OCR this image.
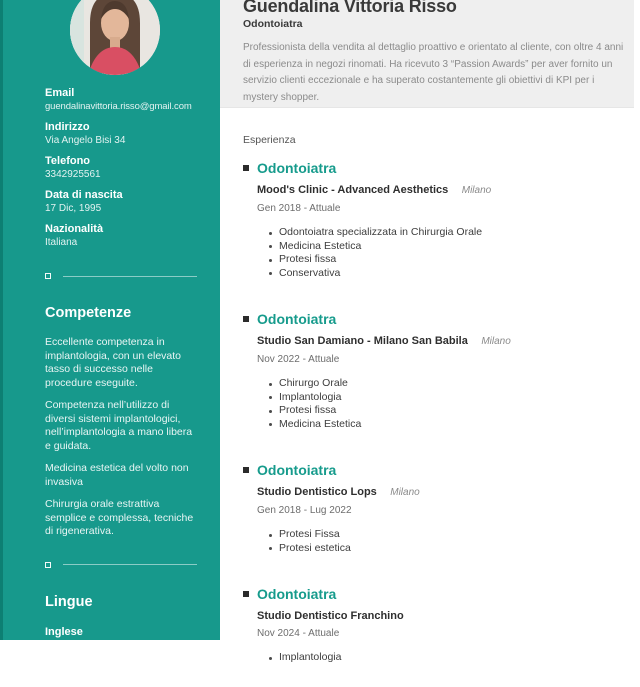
Email
guendalinavittoria.risso@gmail.com
Indirizzo
Via Angelo Bisi 34
Telefono
3342925561
Data di nascita
17 Dic, 1995
Nazionalità
Italiana
Competenze

Eccellente competenza in implantologia, con un elevato tasso di successo nelle procedure eseguite.

Competenza nell’utilizzo di diversi sistemi implantologici, nell’implantologia a mano libera e guidata.

Medicina estetica del volto non invasiva

Chirurgia orale estrattiva semplice e complessa, tecniche di rigenerativa.

Lingue
Inglese
Livello intermedio
Spagnolo
Livello base
Guendalina Vittoria Risso
Odontoiatra

Professionista della vendita al dettaglio proattivo e orientato al cliente, con oltre 4 anni di esperienza in negozi rinomati. Ha ricevuto 3 “Passion Awards” per aver fornito un servizio clienti eccezionale e ha superato costantemente gli obiettivi di KPI per i mystery shopper.

Esperienza
Odontoiatra
Mood's Clinic - Advanced Aesthetics Milano
Gen 2018 - Attuale
Odontoiatra specializzata in Chirurgia Orale
Medicina Estetica
Protesi fissa
Conservativa
Odontoiatra
Studio San Damiano - Milano San Babila Milano
Nov 2022 - Attuale
Chirurgo Orale
Implantologia
Protesi fissa
Medicina Estetica
Odontoiatra
Studio Dentistico Lops Milano
Gen 2018 - Lug 2022
Protesi Fissa
Protesi estetica
Odontoiatra
Studio Dentistico Franchino
Nov 2024 - Attuale
Implantologia
